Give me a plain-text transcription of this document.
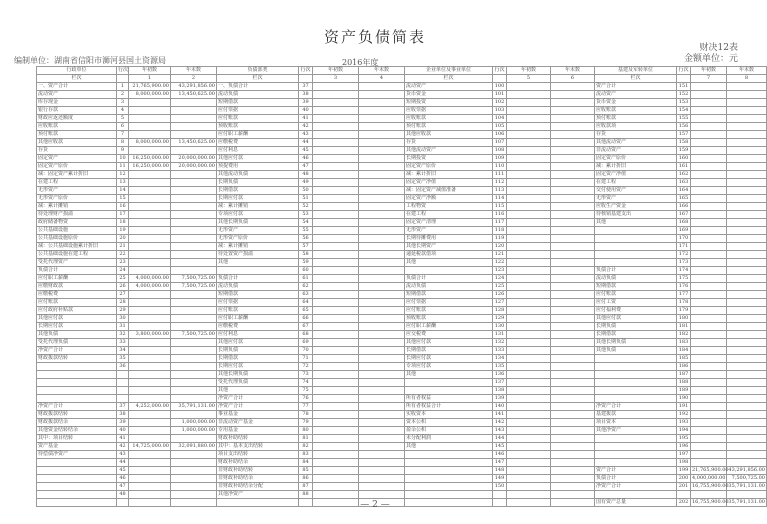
资产负债简表
财决12表
金额单位：元
编制单位：湖南省信阳市浉河县国土资源局	2016年度
行政单位	行次	年初数	年末数	负债部类	行次	年初数	年末数	企业单位及事业单位	行次	年初数	年末数	基建及军转单位	行次	年初数	年末数
栏次		1	2	栏次		3	4	栏次		5	6	栏次		7	8
一、资产合计	1	21,765,900.00	43,291,856.00	一、负债合计	37			流动资产	100			资产合计	151		
流动资产	2	8,000,000.00	13,450,625.00	流动负债	38			货币资金	101			流动资产	152		
库存现金	3			短期借款	39			短期投资	102			货币资金	153		
银行存款	4			应付票据	40			应收票据	103			应收账款	154		
财政应返还额度	5			应付账款	41			应收账款	104			预付账款	155		
应收账款	6			预收账款	42			预付账款	105			应收款项	156		
预付账款	7			应付职工薪酬	43			其他应收款	106			存货	157		
其他应收款	8	8,000,000.00	13,450,625.00	应缴税费	44			存货	107			其他流动资产	158		
存货	9			应付利息	45			其他流动资产	108			非流动资产	159		
固定资产	10	16,250,000.00	20,000,000.00	其他应付款	46			长期投资	109			固定资产原价	160		
固定资产原价	11	16,250,000.00	20,000,000.00	预提费用	47			固定资产原价	110			减：累计折旧	161		
减：固定资产累计折旧	12			其他流动负债	48			减：累计折旧	111			固定资产净值	162		
在建工程	13			长期负债	49			固定资产净值	112			在建工程	163		
无形资产	14			长期借款	50			减：固定资产减值准备	113			交付使用资产	164		
无形资产原价	15			长期应付款	51			固定资产净额	114			无形资产	165		
减：累计摊销	16			减：累计摊销	52			工程物资	115			应收生产资金	166		
待处理财产损溢	17			专项应付款	53			在建工程	116			待核销基建支出	167		
政府储备物资	18			其他长期负债	54			固定资产清理	117			其他	168		
公共基础设施	19			无形资产	55			无形资产	118				169		
公共基础设施原价	20			无形资产原价	56			长期待摊费用	119				170		
减：公共基础设施累计折旧	21			减：累计摊销	57			其他长期资产	120				171		
公共基础设施在建工程	22			待处置资产损溢	58			递延税款借项	121				172		
受托代理资产	23			其他	59			其他	122				173		
负债合计	24				60				123			负债合计	174		
应付职工薪酬	25	4,000,000.00	7,500,725.00	负债合计	61			负债合计	124			流动负债	175		
应缴财政款	26	4,000,000.00	7,500,725.00	流动负债	62			流动负债	125			短期借款	176		
应缴税费	27			短期借款	63			短期借款	126			应付账款	177		
应付账款	28			应付票据	64			应付票据	127			应付工资	178		
应付政府补贴款	29			应付账款	65			应付账款	128			应付福利费	179		
其他应付款	30			应付职工薪酬	66			预收账款	129			其他应付款	180		
长期应付款	31			应缴税费	67			应付职工薪酬	130			长期负债	181		
其他负债	32	3,800,000.00	7,500,725.00	应付利息	68			应交税费	131			长期借款	182		
受托代理负债	33			其他应付款	69			其他应付款	132			其他长期负债	183		
净资产合计	34			长期负债	70			长期借款	133			其他负债	184		
财政拨款结转	35			长期借款	71			长期应付款	134				185		
	36			长期应付款	72			专项应付款	135				186		
				其他长期负债	73			其他	136				187		
				受托代理负债	74				137				188		
				其他	75				138				189		
				净资产合计	76			所有者权益	139				190		
净资产合计	37	4,252,000.00	35,791,131.00	净资产合计	77			所有者权益合计	140			净资产合计	191		
财政拨款结转	38			事业基金	78			实收资本	141			基建拨款	192		
财政拨款结余	39		1,000,000.00	非流动资产基金	79			资本公积	142			项目资本	193		
其他资金结转结余	40		1,000,000.00	专用基金	80			盈余公积	143			其他净资产	194		
其中：项目结转	41			财政补助结转	81			未分配利润	144				195		
资产基金	42	14,725,000.00	32,091,880.00	其中：基本支出结转	82			其他	145				196		
待偿债净资产	43			项目支出结转	83				146				197		
	44			财政补助结余	84				147				198		
	45			非财政补助结转	85				148			资产合计	199	21,765,900.00	43,291,856.00
	46			非财政补助结余	86				149			负债合计	200	4,000,000.00	7,500,725.00
	47			非财政补助结余分配	87				150			净资产合计	201	16,755,900.00	35,791,131.00
	48			其他净资产	88										
												国有资产总量	202	16,755,900.00	35,791,131.00
— 2 —
